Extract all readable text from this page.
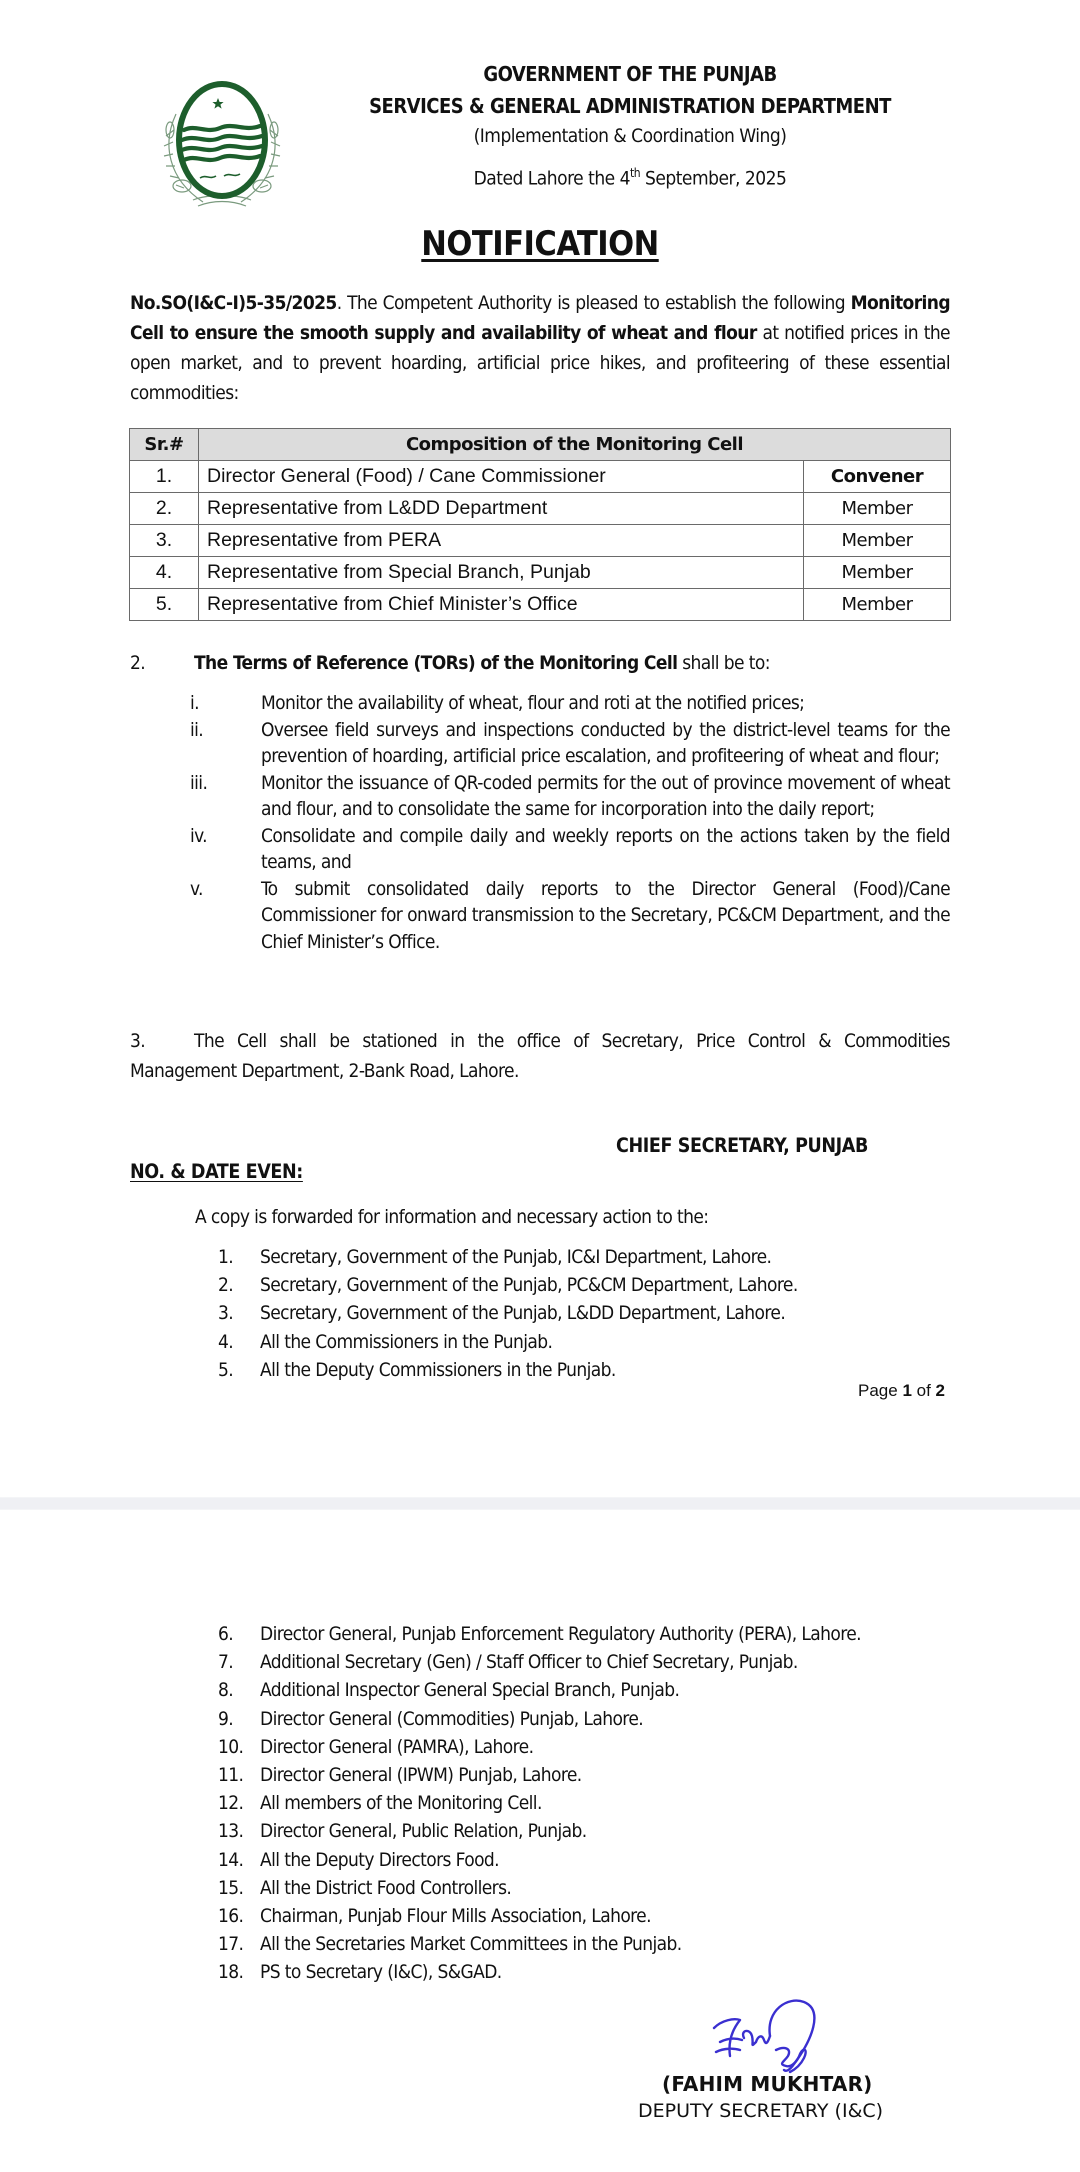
GOVERNMENT OF THE PUNJAB
SERVICES & GENERAL ADMINISTRATION DEPARTMENT
(Implementation & Coordination Wing)
Dated Lahore the 4th September, 2025
NOTIFICATION
No.SO(I&C-I)5-35/2025. The Competent Authority is pleased to establish the following Monitoring Cell to ensure the smooth supply and availability of wheat and flour at notified prices in the open market, and to prevent hoarding, artificial price hikes, and profiteering of these essential commodities:
Sr.#	Composition of the Monitoring Cell	
1.	Director General (Food) / Cane Commissioner	Convener
2.	Representative from L&DD Department	Member
3.	Representative from PERA	Member
4.	Representative from Special Branch, Punjab	Member
5.	Representative from Chief Minister’s Office	Member
2.	The Terms of Reference (TORs) of the Monitoring Cell shall be to:
i.	Monitor the availability of wheat, flour and roti at the notified prices;
ii.	Oversee field surveys and inspections conducted by the district-level teams for the prevention of hoarding, artificial price escalation, and profiteering of wheat and flour;
iii.	Monitor the issuance of QR-coded permits for the out of province movement of wheat and flour, and to consolidate the same for incorporation into the daily report;
iv.	Consolidate and compile daily and weekly reports on the actions taken by the field teams, and
v.	To submit consolidated daily reports to the Director General (Food)/Cane Commissioner for onward transmission to the Secretary, PC&CM Department, and the Chief Minister’s Office.
3.	The Cell shall be stationed in the office of Secretary, Price Control & Commodities Management Department, 2-Bank Road, Lahore.
CHIEF SECRETARY, PUNJAB
NO. & DATE EVEN:
A copy is forwarded for information and necessary action to the:
1.	Secretary, Government of the Punjab, IC&I Department, Lahore.
2.	Secretary, Government of the Punjab, PC&CM Department, Lahore.
3.	Secretary, Government of the Punjab, L&DD Department, Lahore.
4.	All the Commissioners in the Punjab.
5.	All the Deputy Commissioners in the Punjab.
Page 1 of 2
6.	Director General, Punjab Enforcement Regulatory Authority (PERA), Lahore.
7.	Additional Secretary (Gen) / Staff Officer to Chief Secretary, Punjab.
8.	Additional Inspector General Special Branch, Punjab.
9.	Director General (Commodities) Punjab, Lahore.
10. Director General (PAMRA), Lahore.
11. Director General (IPWM) Punjab, Lahore.
12. All members of the Monitoring Cell.
13. Director General, Public Relation, Punjab.
14. All the Deputy Directors Food.
15. All the District Food Controllers.
16. Chairman, Punjab Flour Mills Association, Lahore.
17. All the Secretaries Market Committees in the Punjab.
18. PS to Secretary (I&C), S&GAD.
(FAHIM MUKHTAR)
DEPUTY SECRETARY (I&C)
